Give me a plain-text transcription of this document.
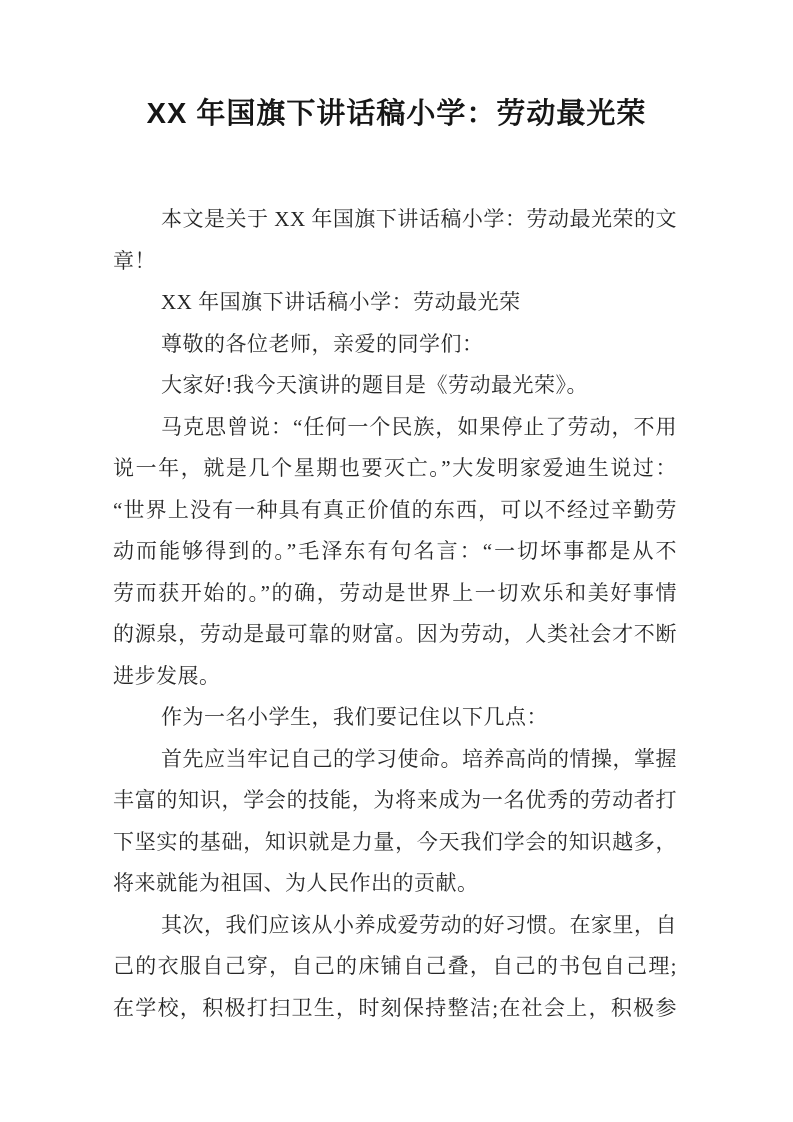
XX 年国旗下讲话稿小学：劳动最光荣
本文是关于 XX 年国旗下讲话稿小学：劳动最光荣的文
章！
XX 年国旗下讲话稿小学：劳动最光荣
尊敬的各位老师，亲爱的同学们：
大家好!我今天演讲的题目是《劳动最光荣》。
马克思曾说：“任何一个民族，如果停止了劳动，不用
说一年，就是几个星期也要灭亡。”大发明家爱迪生说过：
“世界上没有一种具有真正价值的东西，可以不经过辛勤劳
动而能够得到的。”毛泽东有句名言：“一切坏事都是从不
劳而获开始的。”的确，劳动是世界上一切欢乐和美好事情
的源泉，劳动是最可靠的财富。因为劳动，人类社会才不断
进步发展。
作为一名小学生，我们要记住以下几点：
首先应当牢记自己的学习使命。培养高尚的情操，掌握
丰富的知识，学会的技能，为将来成为一名优秀的劳动者打
下坚实的基础，知识就是力量，今天我们学会的知识越多，
将来就能为祖国、为人民作出的贡献。
其次，我们应该从小养成爱劳动的好习惯。在家里，自
己的衣服自己穿，自己的床铺自己叠，自己的书包自己理;
在学校，积极打扫卫生，时刻保持整洁;在社会上，积极参
